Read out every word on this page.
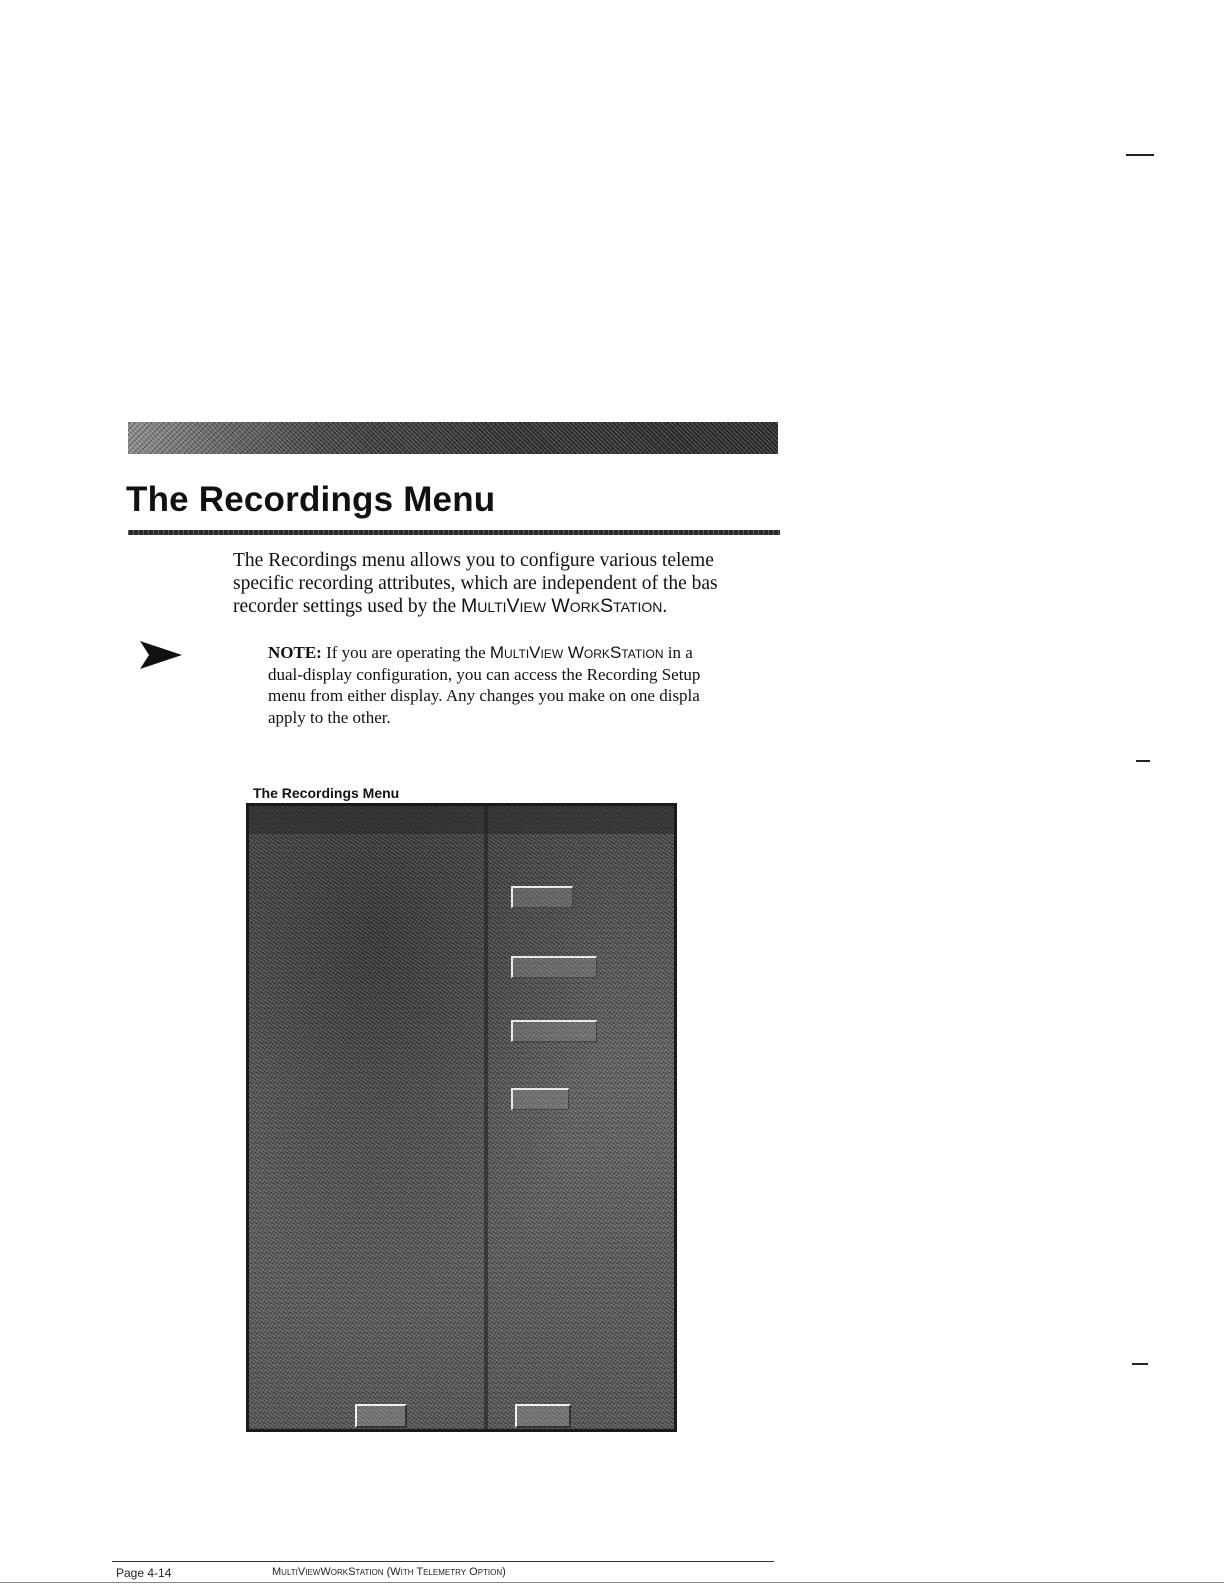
The Recordings Menu
The Recordings menu allows you to configure various teleme
specific recording attributes, which are independent of the bas
recorder settings used by the MultiView WorkStation.
NOTE: If you are operating the MultiView WorkStation in a
dual-display configuration, you can access the Recording Setup
menu from either display. Any changes you make on one displa
apply to the other.
The Recordings Menu
Page 4-14	MultiViewWorkStation (With Telemetry Option)
